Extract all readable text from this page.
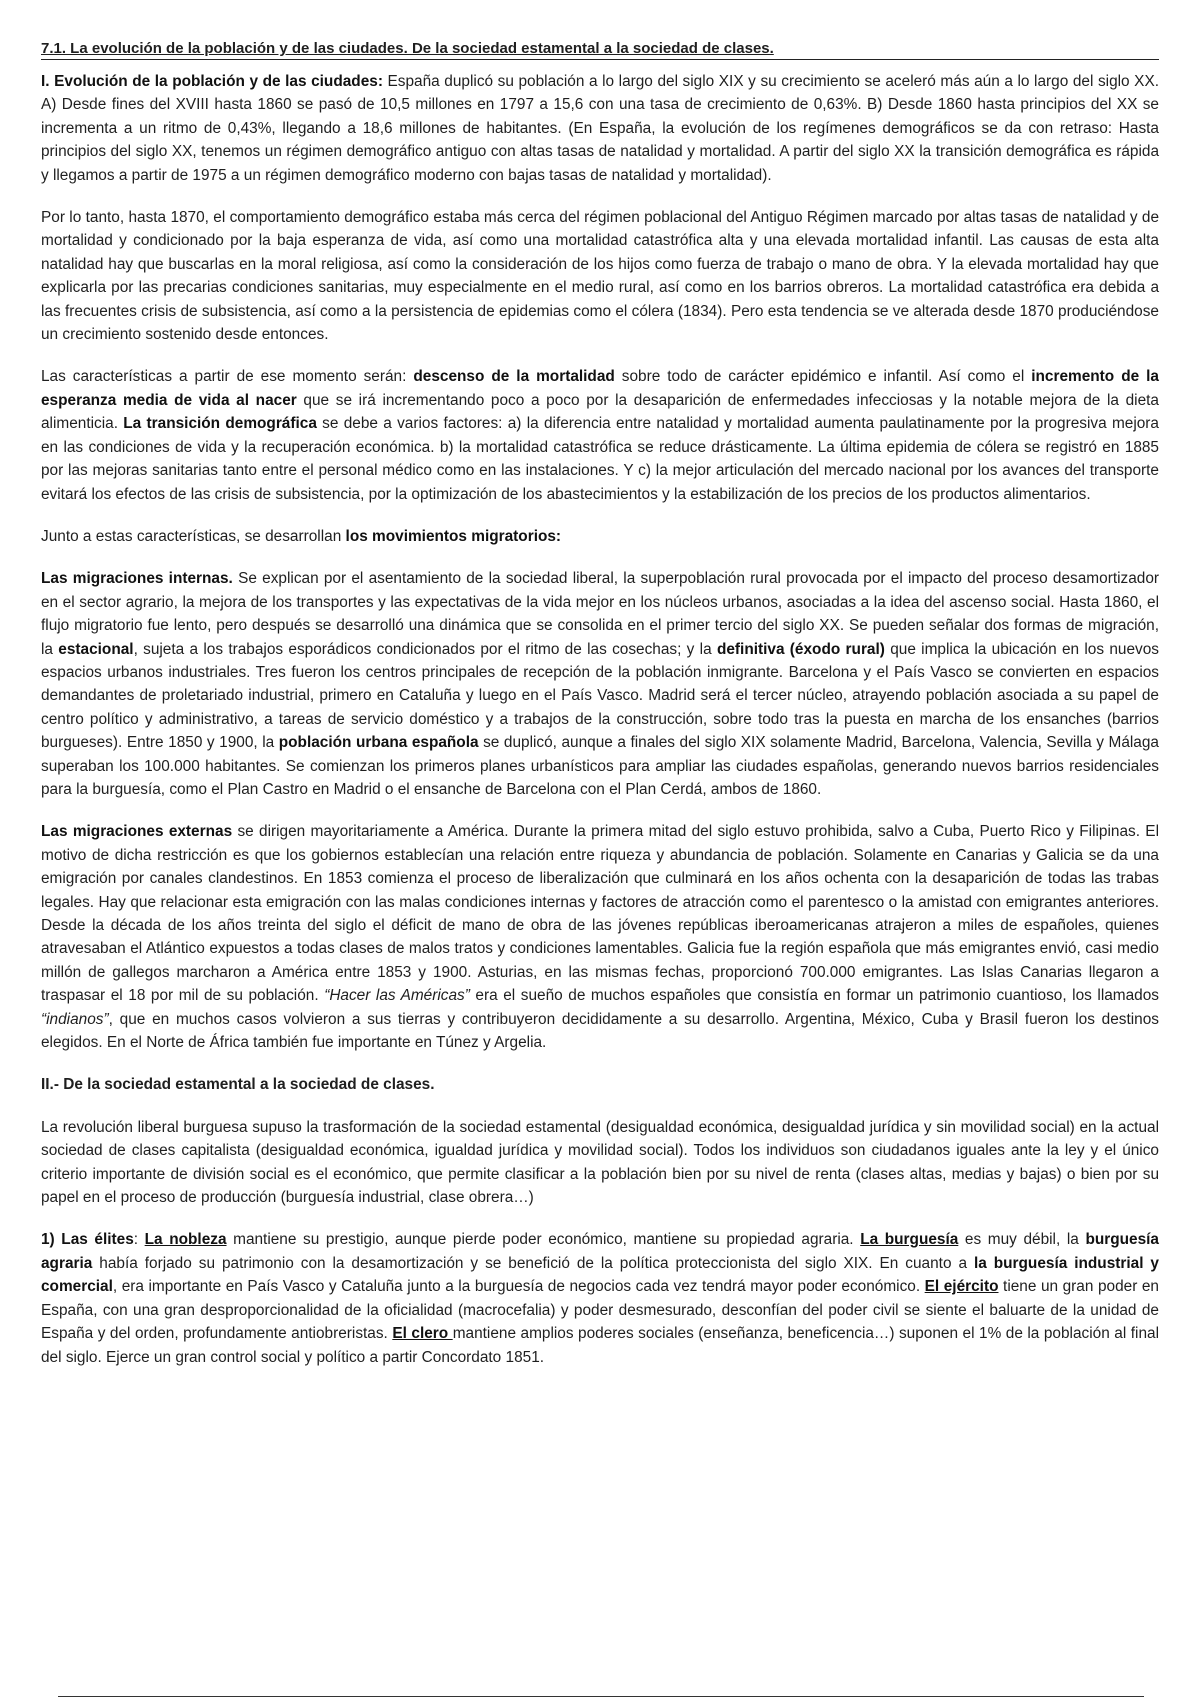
7.1. La evolución de la población y de las ciudades. De la sociedad estamental a la sociedad de clases.

I. Evolución de la población y de las ciudades: España duplicó su población a lo largo del siglo XIX y su crecimiento se aceleró más aún a lo largo del siglo XX. A) Desde fines del XVIII hasta 1860 se pasó de 10,5 millones en 1797 a 15,6 con una tasa de crecimiento de 0,63%. B) Desde 1860 hasta principios del XX se incrementa a un ritmo de 0,43%, llegando a 18,6 millones de habitantes. (En España, la evolución de los regímenes demográficos se da con retraso: Hasta principios del siglo XX, tenemos un régimen demográfico antiguo con altas tasas de natalidad y mortalidad. A partir del siglo XX la transición demográfica es rápida y llegamos a partir de 1975 a un régimen demográfico moderno con bajas tasas de natalidad y mortalidad).

Por lo tanto, hasta 1870, el comportamiento demográfico estaba más cerca del régimen poblacional del Antiguo Régimen marcado por altas tasas de natalidad y de mortalidad y condicionado por la baja esperanza de vida, así como una mortalidad catastrófica alta y una elevada mortalidad infantil. Las causas de esta alta natalidad hay que buscarlas en la moral religiosa, así como la consideración de los hijos como fuerza de trabajo o mano de obra. Y la elevada mortalidad hay que explicarla por las precarias condiciones sanitarias, muy especialmente en el medio rural, así como en los barrios obreros. La mortalidad catastrófica era debida a las frecuentes crisis de subsistencia, así como a la persistencia de epidemias como el cólera (1834). Pero esta tendencia se ve alterada desde 1870 produciéndose un crecimiento sostenido desde entonces.

Las características a partir de ese momento serán: descenso de la mortalidad sobre todo de carácter epidémico e infantil. Así como el incremento de la esperanza media de vida al nacer que se irá incrementando poco a poco por la desaparición de enfermedades infecciosas y la notable mejora de la dieta alimenticia. La transición demográfica se debe a varios factores: a) la diferencia entre natalidad y mortalidad aumenta paulatinamente por la progresiva mejora en las condiciones de vida y la recuperación económica. b) la mortalidad catastrófica se reduce drásticamente. La última epidemia de cólera se registró en 1885 por las mejoras sanitarias tanto entre el personal médico como en las instalaciones. Y c) la mejor articulación del mercado nacional por los avances del transporte evitará los efectos de las crisis de subsistencia, por la optimización de los abastecimientos y la estabilización de los precios de los productos alimentarios.

Junto a estas características, se desarrollan los movimientos migratorios:

Las migraciones internas. Se explican por el asentamiento de la sociedad liberal, la superpoblación rural provocada por el impacto del proceso desamortizador en el sector agrario, la mejora de los transportes y las expectativas de la vida mejor en los núcleos urbanos, asociadas a la idea del ascenso social. Hasta 1860, el flujo migratorio fue lento, pero después se desarrolló una dinámica que se consolida en el primer tercio del siglo XX. Se pueden señalar dos formas de migración, la estacional, sujeta a los trabajos esporádicos condicionados por el ritmo de las cosechas; y la definitiva (éxodo rural) que implica la ubicación en los nuevos espacios urbanos industriales. Tres fueron los centros principales de recepción de la población inmigrante. Barcelona y el País Vasco se convierten en espacios demandantes de proletariado industrial, primero en Cataluña y luego en el País Vasco. Madrid será el tercer núcleo, atrayendo población asociada a su papel de centro político y administrativo, a tareas de servicio doméstico y a trabajos de la construcción, sobre todo tras la puesta en marcha de los ensanches (barrios burgueses). Entre 1850 y 1900, la población urbana española se duplicó, aunque a finales del siglo XIX solamente Madrid, Barcelona, Valencia, Sevilla y Málaga superaban los 100.000 habitantes. Se comienzan los primeros planes urbanísticos para ampliar las ciudades españolas, generando nuevos barrios residenciales para la burguesía, como el Plan Castro en Madrid o el ensanche de Barcelona con el Plan Cerdá, ambos de 1860.

Las migraciones externas se dirigen mayoritariamente a América. Durante la primera mitad del siglo estuvo prohibida, salvo a Cuba, Puerto Rico y Filipinas. El motivo de dicha restricción es que los gobiernos establecían una relación entre riqueza y abundancia de población. Solamente en Canarias y Galicia se da una emigración por canales clandestinos. En 1853 comienza el proceso de liberalización que culminará en los años ochenta con la desaparición de todas las trabas legales. Hay que relacionar esta emigración con las malas condiciones internas y factores de atracción como el parentesco o la amistad con emigrantes anteriores. Desde la década de los años treinta del siglo el déficit de mano de obra de las jóvenes repúblicas iberoamericanas atrajeron a miles de españoles, quienes atravesaban el Atlántico expuestos a todas clases de malos tratos y condiciones lamentables. Galicia fue la región española que más emigrantes envió, casi medio millón de gallegos marcharon a América entre 1853 y 1900. Asturias, en las mismas fechas, proporcionó 700.000 emigrantes. Las Islas Canarias llegaron a traspasar el 18 por mil de su población. “Hacer las Américas” era el sueño de muchos españoles que consistía en formar un patrimonio cuantioso, los llamados “indianos”, que en muchos casos volvieron a sus tierras y contribuyeron decididamente a su desarrollo. Argentina, México, Cuba y Brasil fueron los destinos elegidos. En el Norte de África también fue importante en Túnez y Argelia.

II.- De la sociedad estamental a la sociedad de clases.

La revolución liberal burguesa supuso la trasformación de la sociedad estamental (desigualdad económica, desigualdad jurídica y sin movilidad social) en la actual sociedad de clases capitalista (desigualdad económica, igualdad jurídica y movilidad social). Todos los individuos son ciudadanos iguales ante la ley y el único criterio importante de división social es el económico, que permite clasificar a la población bien por su nivel de renta (clases altas, medias y bajas) o bien por su papel en el proceso de producción (burguesía industrial, clase obrera…)

1) Las élites: La nobleza mantiene su prestigio, aunque pierde poder económico, mantiene su propiedad agraria. La burguesía es muy débil, la burguesía agraria había forjado su patrimonio con la desamortización y se benefició de la política proteccionista del siglo XIX. En cuanto a la burguesía industrial y comercial, era importante en País Vasco y Cataluña junto a la burguesía de negocios cada vez tendrá mayor poder económico. El ejército tiene un gran poder en España, con una gran desproporcionalidad de la oficialidad (macrocefalia) y poder desmesurado, desconfían del poder civil se siente el baluarte de la unidad de España y del orden, profundamente antiobreristas. El clero mantiene amplios poderes sociales (enseñanza, beneficencia…) suponen el 1% de la población al final del siglo. Ejerce un gran control social y político a partir Concordato 1851.
